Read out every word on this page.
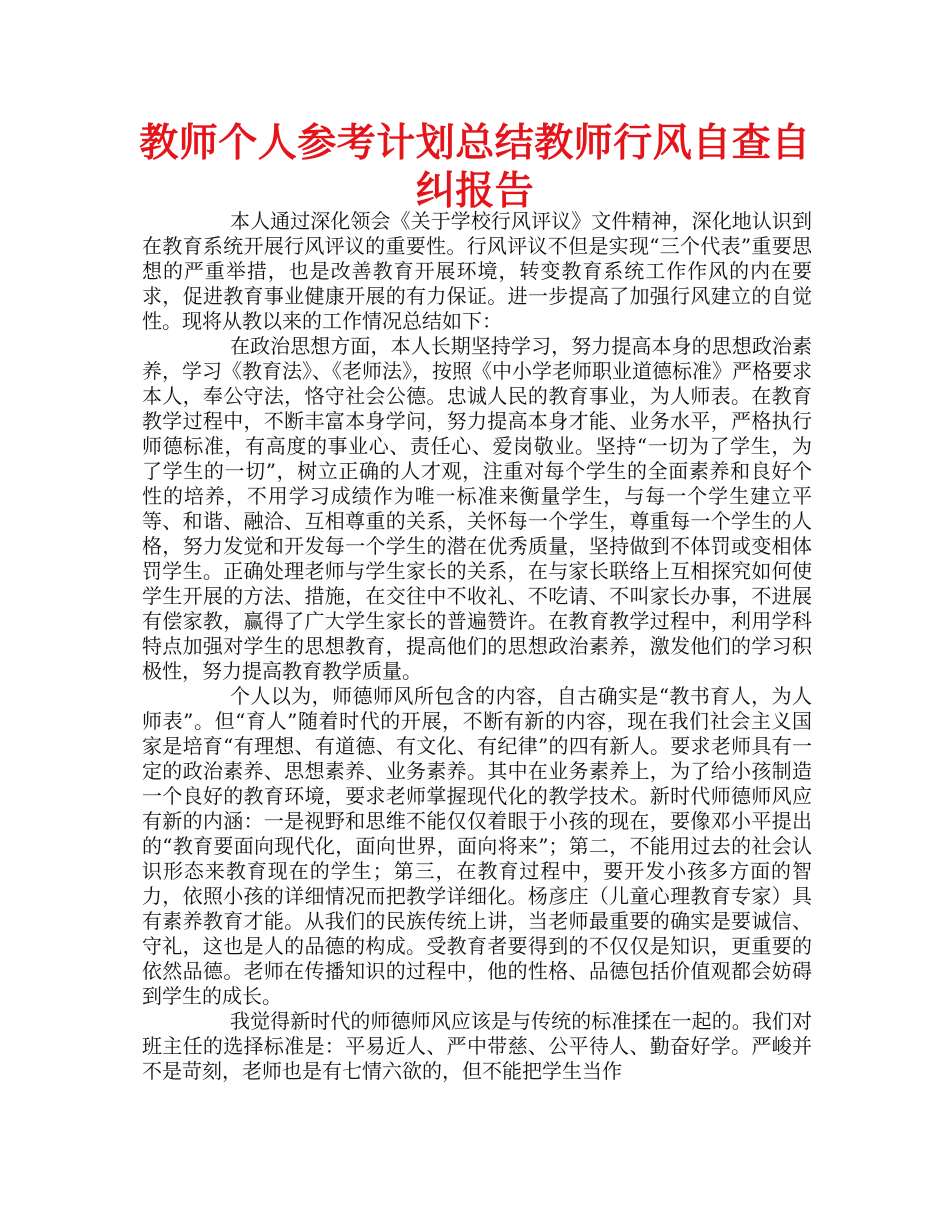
教师个人参考计划总结教师行风自查自纠报告

本人通过深化领会《关于学校行风评议》文件精神，深化地认识到在教育系统开展行风评议的重要性。行风评议不但是实现“三个代表”重要思想的严重举措，也是改善教育开展环境，转变教育系统工作作风的内在要求，促进教育事业健康开展的有力保证。进一步提高了加强行风建立的自觉性。现将从教以来的工作情况总结如下：

在政治思想方面，本人长期坚持学习，努力提高本身的思想政治素养，学习《教育法》、《老师法》，按照《中小学老师职业道德标准》严格要求本人，奉公守法，恪守社会公德。忠诚人民的教育事业，为人师表。在教育教学过程中，不断丰富本身学问，努力提高本身才能、业务水平，严格执行师德标准，有高度的事业心、责任心、爱岗敬业。坚持“一切为了学生，为了学生的一切”，树立正确的人才观，注重对每个学生的全面素养和良好个性的培养，不用学习成绩作为唯一标准来衡量学生，与每一个学生建立平等、和谐、融洽、互相尊重的关系，关怀每一个学生，尊重每一个学生的人格，努力发觉和开发每一个学生的潜在优秀质量，坚持做到不体罚或变相体罚学生。正确处理老师与学生家长的关系，在与家长联络上互相探究如何使学生开展的方法、措施，在交往中不收礼、不吃请、不叫家长办事，不进展有偿家教，赢得了广大学生家长的普遍赞许。在教育教学过程中，利用学科特点加强对学生的思想教育，提高他们的思想政治素养，激发他们的学习积极性，努力提高教育教学质量。

个人以为，师德师风所包含的内容，自古确实是“教书育人，为人师表”。但“育人”随着时代的开展，不断有新的内容，现在我们社会主义国家是培育“有理想、有道德、有文化、有纪律”的四有新人。要求老师具有一定的政治素养、思想素养、业务素养。其中在业务素养上，为了给小孩制造一个良好的教育环境，要求老师掌握现代化的教学技术。新时代师德师风应有新的内涵：一是视野和思维不能仅仅着眼于小孩的现在，要像邓小平提出的“教育要面向现代化，面向世界，面向将来”；第二，不能用过去的社会认识形态来教育现在的学生；第三，在教育过程中，要开发小孩多方面的智力，依照小孩的详细情况而把教学详细化。杨彦庄（儿童心理教育专家）具有素养教育才能。从我们的民族传统上讲，当老师最重要的确实是要诚信、守礼，这也是人的品德的构成。受教育者要得到的不仅仅是知识，更重要的依然品德。老师在传播知识的过程中，他的性格、品德包括价值观都会妨碍到学生的成长。

我觉得新时代的师德师风应该是与传统的标准揉在一起的。我们对班主任的选择标准是：平易近人、严中带慈、公平待人、勤奋好学。严峻并不是苛刻，老师也是有七情六欲的，但不能把学生当作
